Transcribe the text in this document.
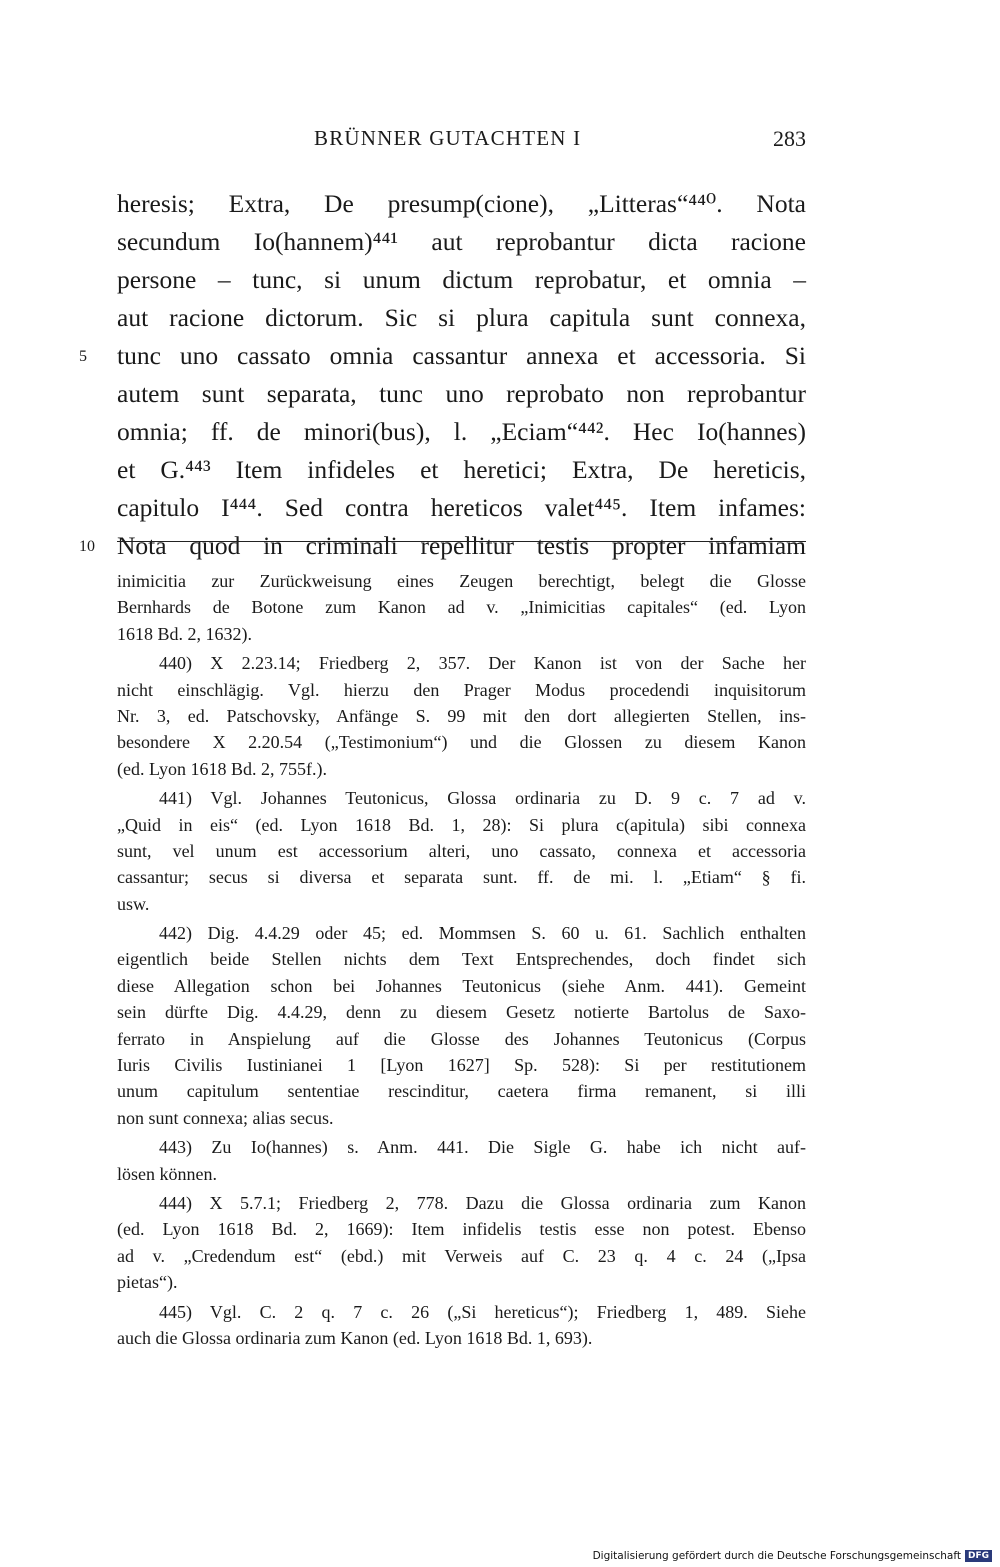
BRÜNNER GUTACHTEN I	283
heresis; Extra, De presump(cione), „Litteras“⁴⁴⁰. Nota
secundum Io(hannem)⁴⁴¹ aut reprobantur dicta racione
persone – tunc, si unum dictum reprobatur, et omnia –
aut racione dictorum. Sic si plura capitula sunt connexa,
5	tunc uno cassato omnia cassantur annexa et accessoria. Si
autem sunt separata, tunc uno reprobato non reprobantur
omnia; ff. de minori(bus), l. „Eciam“⁴⁴². Hec Io(hannes)
et G.⁴⁴³ Item infideles et heretici; Extra, De hereticis,
capitulo I⁴⁴⁴. Sed contra hereticos valet⁴⁴⁵. Item infames:
10 Nota quod in criminali repellitur testis propter infamiam
inimicitia zur Zurückweisung eines Zeugen berechtigt, belegt die Glosse
Bernhards de Botone zum Kanon ad v. „Inimicitias capitales“ (ed. Lyon
1618 Bd. 2, 1632).
440) X 2.23.14; Friedberg 2, 357. Der Kanon ist von der Sache her
nicht einschlägig. Vgl. hierzu den Prager Modus procedendi inquisitorum
Nr. 3, ed. Patschovsky, Anfänge S. 99 mit den dort allegierten Stellen, ins-
besondere X 2.20.54 („Testimonium“) und die Glossen zu diesem Kanon
(ed. Lyon 1618 Bd. 2, 755f.).
441) Vgl. Johannes Teutonicus, Glossa ordinaria zu D. 9 c. 7 ad v.
„Quid in eis“ (ed. Lyon 1618 Bd. 1, 28): Si plura c(apitula) sibi connexa
sunt, vel unum est accessorium alteri, uno cassato, connexa et accessoria
cassantur; secus si diversa et separata sunt. ff. de mi. l. „Etiam“ § fi.
usw.
442) Dig. 4.4.29 oder 45; ed. Mommsen S. 60 u. 61. Sachlich enthalten
eigentlich beide Stellen nichts dem Text Entsprechendes, doch findet sich
diese Allegation schon bei Johannes Teutonicus (siehe Anm. 441). Gemeint
sein dürfte Dig. 4.4.29, denn zu diesem Gesetz notierte Bartolus de Saxo-
ferrato in Anspielung auf die Glosse des Johannes Teutonicus (Corpus
Iuris Civilis Iustinianei 1 [Lyon 1627] Sp. 528): Si per restitutionem
unum capitulum sententiae rescinditur, caetera firma remanent, si illi
non sunt connexa; alias secus.
443) Zu Io(hannes) s. Anm. 441. Die Sigle G. habe ich nicht auf-
lösen können.
444) X 5.7.1; Friedberg 2, 778. Dazu die Glossa ordinaria zum Kanon
(ed. Lyon 1618 Bd. 2, 1669): Item infidelis testis esse non potest. Ebenso
ad v. „Credendum est“ (ebd.) mit Verweis auf C. 23 q. 4 c. 24 („Ipsa
pietas“).
445) Vgl. C. 2 q. 7 c. 26 („Si hereticus“); Friedberg 1, 489. Siehe
auch die Glossa ordinaria zum Kanon (ed. Lyon 1618 Bd. 1, 693).
Digitalisierung gefördert durch die Deutsche Forschungsgemeinschaft DFG
